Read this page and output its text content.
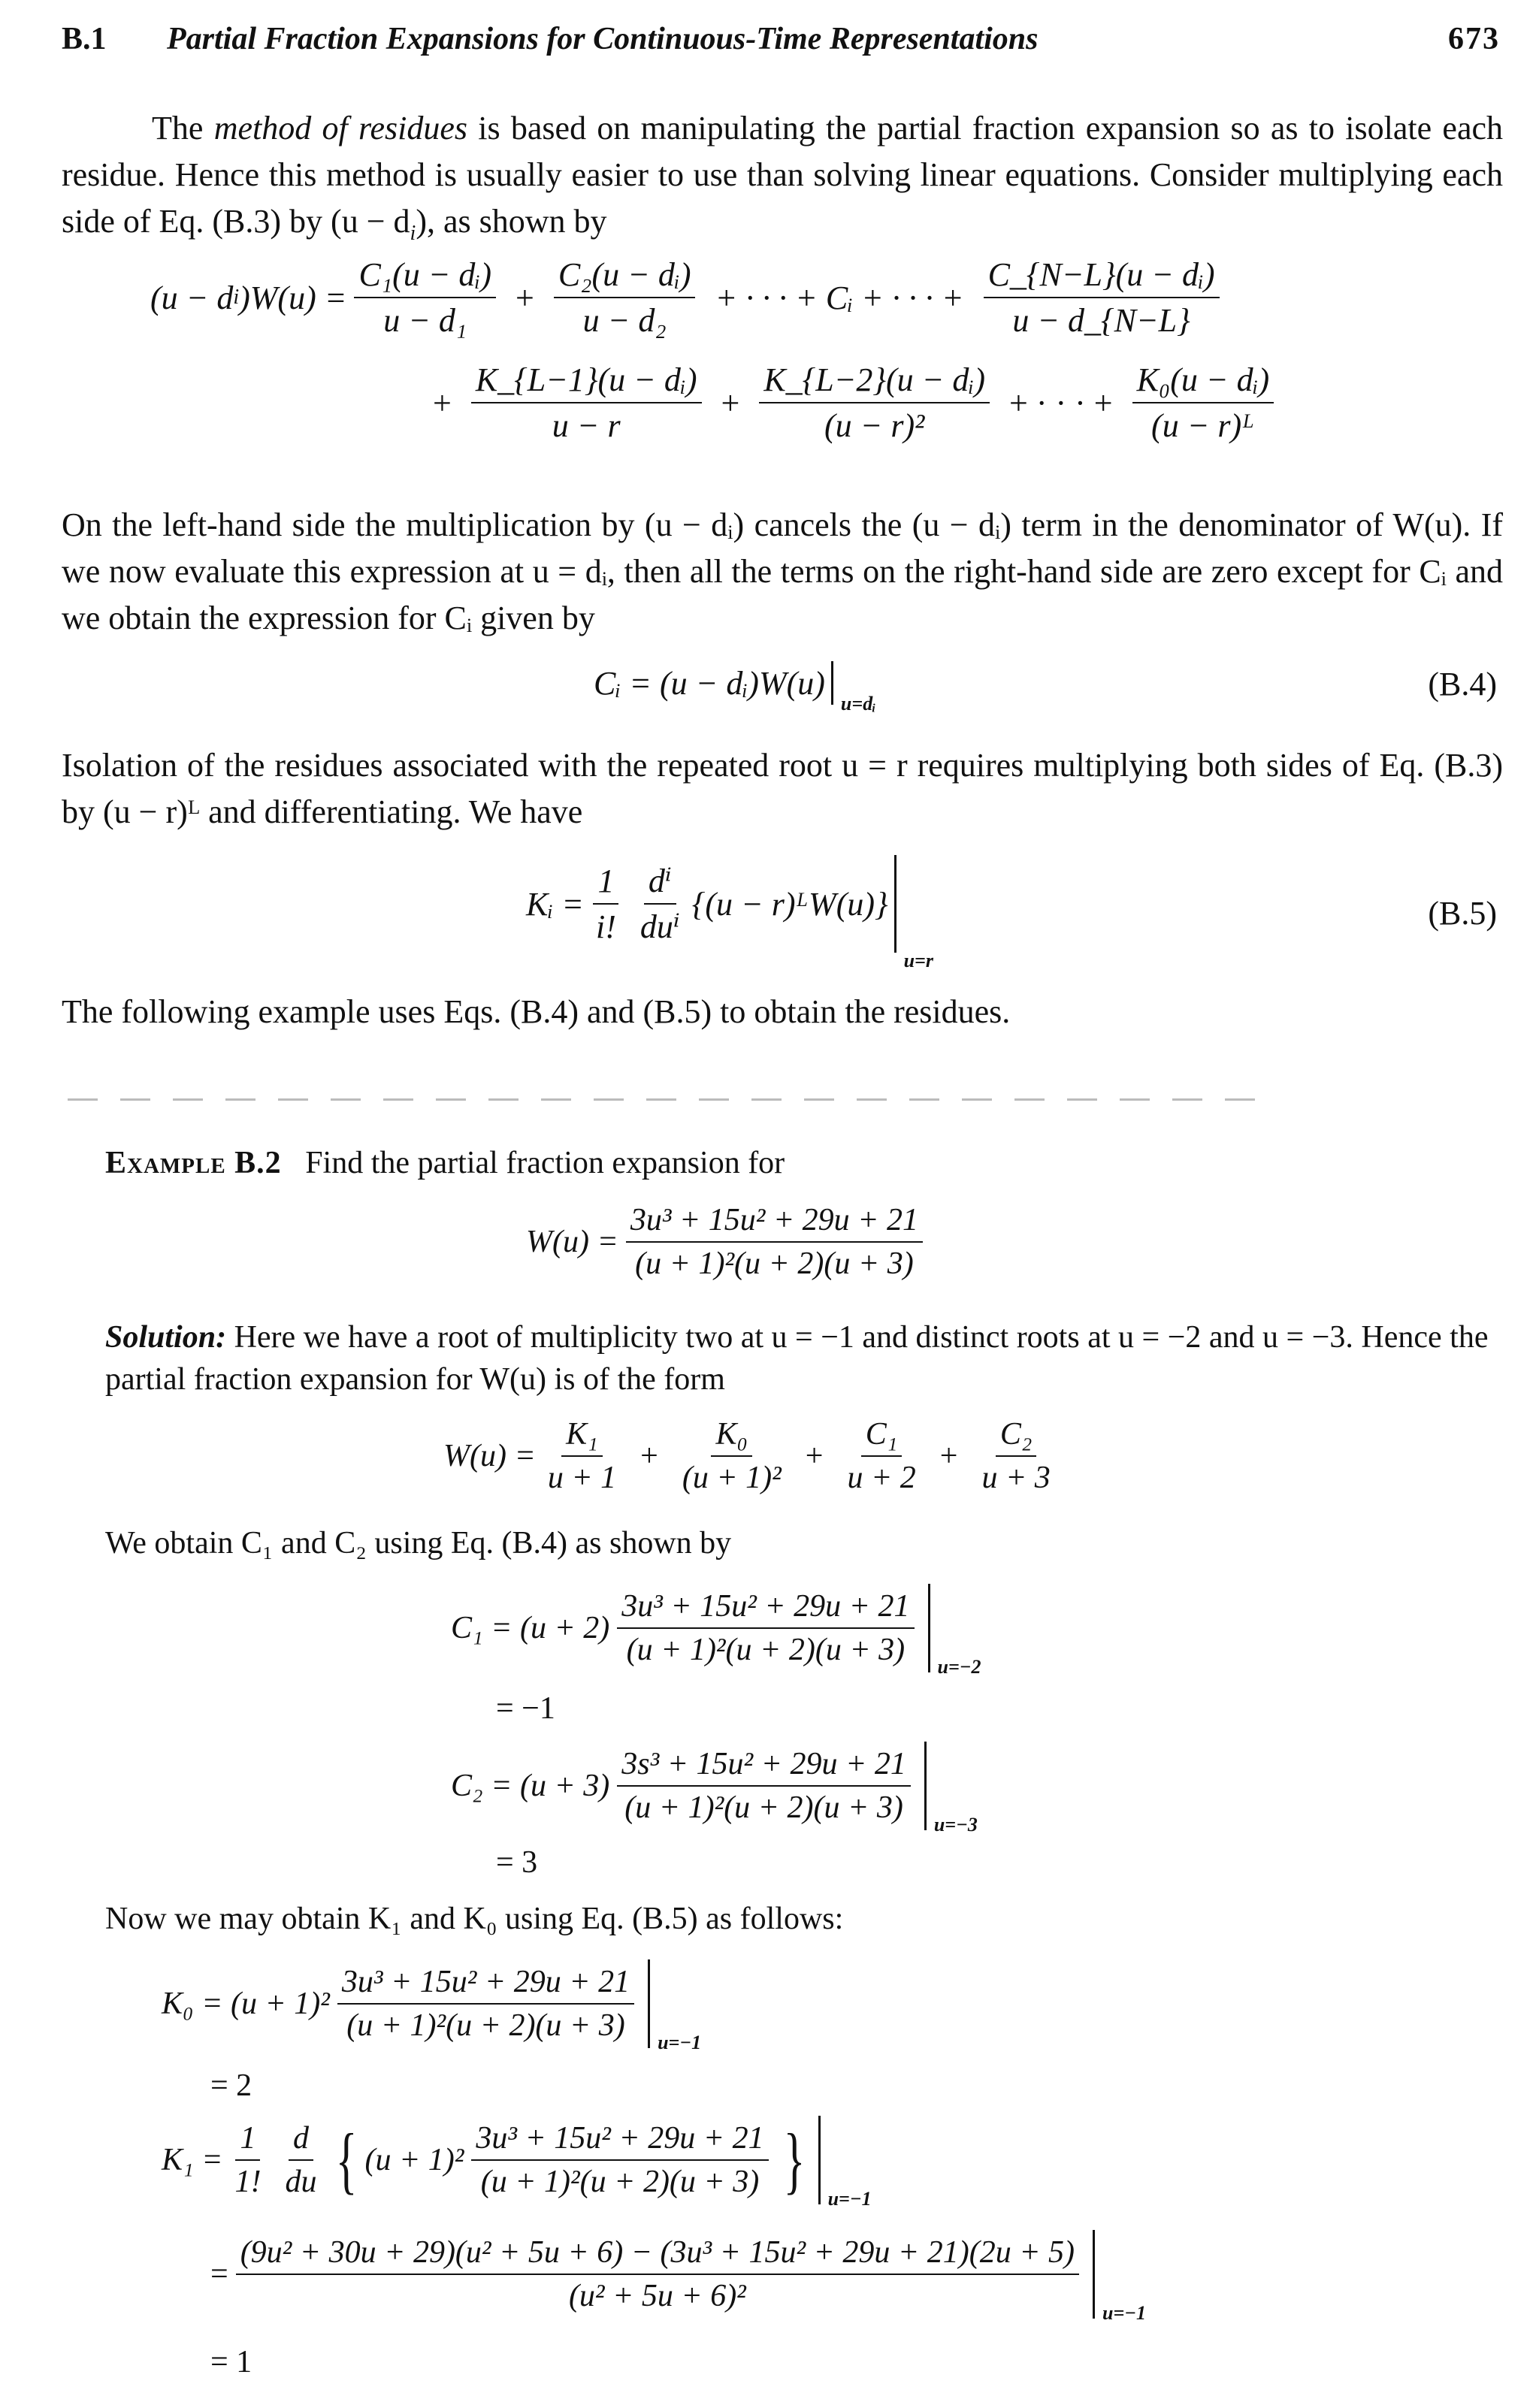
B.1 Partial Fraction Expansions for Continuous-Time Representations	673
The method of residues is based on manipulating the partial fraction expansion so as to isolate each residue. Hence this method is usually easier to use than solving linear equations. Consider multiplying each side of Eq. (B.3) by $(u - d_i)$, as shown by
(u − d i )$W(u) = \frac{\text{C₁(u − dᵢ)}}{\text{u − d₁}} + \frac{\text{C₂(u − dᵢ)}}{\text{u − d₂}}$ + · · · + Cᵢ + · · · + $\frac{\text{C\_\{N−L\}(u − dᵢ)}}{u - d\_\{N-L\}}$
+ $\frac{\text{K\_\{L−1\}(u − dᵢ)}}{u - r} + \frac{\text{K\_\{L−2\}(u − dᵢ)}}{\text{(u − r)²}}$ + · · · + $\frac{\text{K₀(u − dᵢ)}}{\text{(u − r)ᴸ}}$
On the left-hand side the multiplication by (u − dᵢ) cancels the (u − dᵢ) term in the denominator of W(u). If we now evaluate this expression at u = dᵢ, then all the terms on the right-hand side are zero except for Cᵢ and we obtain the expression for Cᵢ given by
Cᵢ = (u − dᵢ)W(u)
u=dᵢ
(B.4)
Isolation of the residues associated with the repeated root u = r requires multiplying both sides of Eq. (B.3) by (u − r)ᴸ and differentiating. We have
Kᵢ = $\frac{1}{i!} \frac{\text{dⁱ}}{\text{duⁱ}} \{(u$ − r)ᴸW(u)}
u=r
(B.5)
The following example uses Eqs. (B.4) and (B.5) to obtain the residues.
Example B.2 Find the partial fraction expansion for
$W(u) = \frac{\text{3u³ + 15u² + 29u + 21}}{\text{(u + 1)²(u + 2)(u + 3)}}$
Solution: Here we have a root of multiplicity two at u = −1 and distinct roots at u = −2 and u = −3. Hence the partial fraction expansion for W(u) is of the form
$W(u) = \frac{\text{K₁}}{u + 1} + \frac{\text{K₀}}{\text{(u + 1)²}} + \frac{\text{C₁}}{u + 2} + \frac{\text{C₂}}{u + 3}$
We obtain C₁ and C₂ using Eq. (B.4) as shown by
$C_1 = (u + 2) \frac{\text{3u³ + 15u² + 29u + 21}}{\text{(u + 1)²(u + 2)(u + 3)}} u=-2$
= −1
$C_2 = (u + 3) \frac{\text{3s³ + 15u² + 29u + 21}}{\text{(u + 1)²(u + 2)(u + 3)}} u=-3$
= 3
Now we may obtain K₁ and K₀ using Eq. (B.5) as follows:
$K_0 = (u + 1)^2 \frac{\text{3u³ + 15u² + 29u + 21}}{\text{(u + 1)²(u + 2)(u + 3)}} u=-1$
= 2
$K_1 = \frac{1}{1!} \frac{d}{du}$ { $(u + 1)^2 \frac{\text{3u³ + 15u² + 29u + 21}}{\text{(u + 1)²(u + 2)(u + 3)}}$ } u=−1
=
(9u² + 30u + 29)(u² + 5u + 6) − (3u³ + 15u² + 29u + 21)(2u + 5)
(u² + 5u + 6)²	u=−1
= 1
